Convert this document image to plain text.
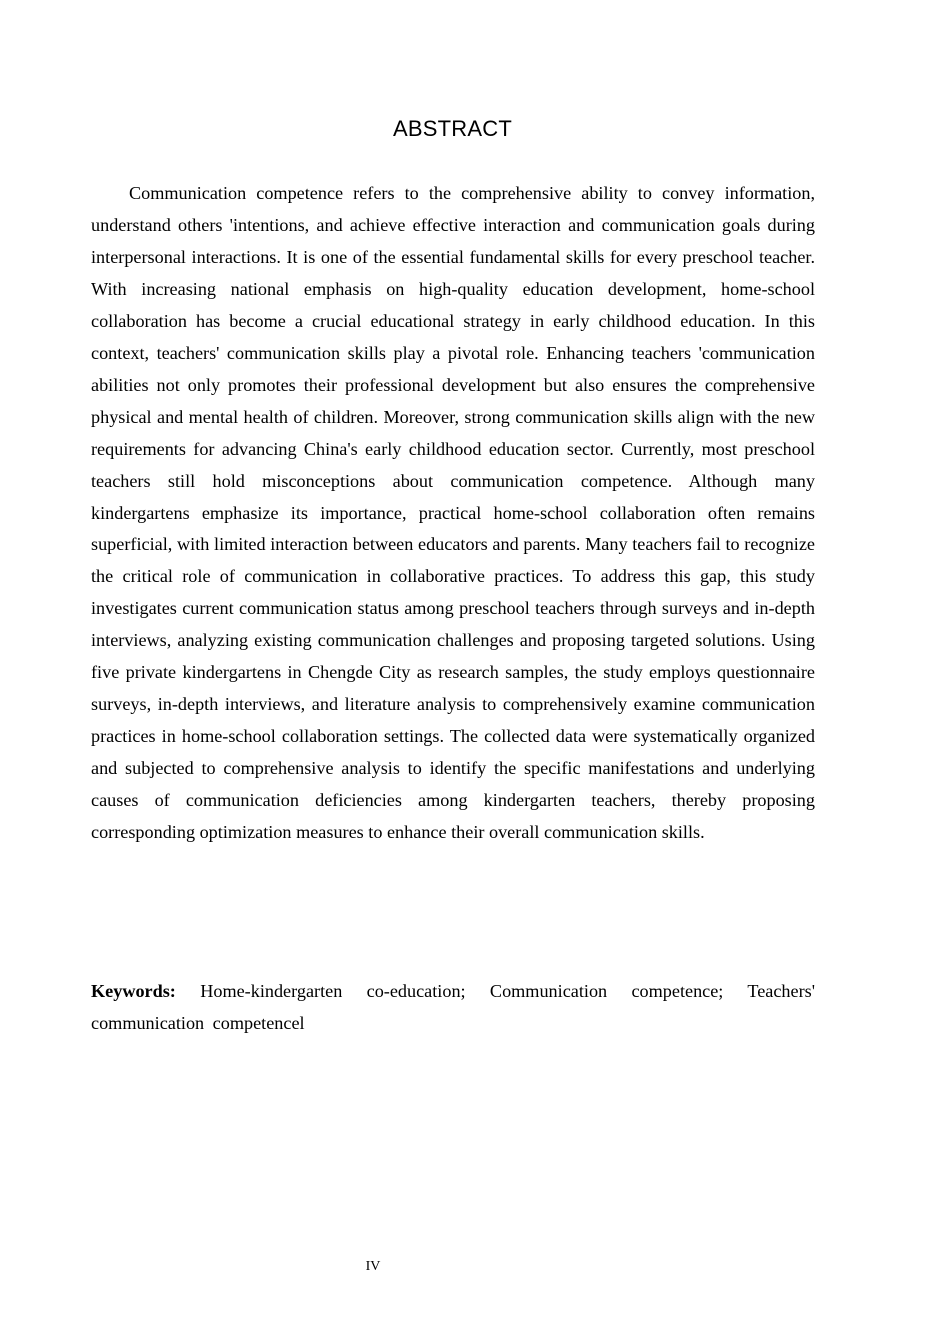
ABSTRACT

Communication competence refers to the comprehensive ability to convey information, understand others 'intentions, and achieve effective interaction and communication goals during interpersonal interactions. It is one of the essential fundamental skills for every preschool teacher. With increasing national emphasis on high-quality education development, home-school collaboration has become a crucial educational strategy in early childhood education. In this context, teachers' communication skills play a pivotal role. Enhancing teachers 'communication abilities not only promotes their professional development but also ensures the comprehensive physical and mental health of children. Moreover, strong communication skills align with the new requirements for advancing China's early childhood education sector. Currently, most preschool teachers still hold misconceptions about communication competence. Although many kindergartens emphasize its importance, practical home-school collaboration often remains superficial, with limited interaction between educators and parents. Many teachers fail to recognize the critical role of communication in collaborative practices. To address this gap, this study investigates current communication status among preschool teachers through surveys and in-depth interviews, analyzing existing communication challenges and proposing targeted solutions. Using five private kindergartens in Chengde City as research samples, the study employs questionnaire surveys, in-depth interviews, and literature analysis to comprehensively examine communication practices in home-school collaboration settings. The collected data were systematically organized and subjected to comprehensive analysis to identify the specific manifestations and underlying causes of communication deficiencies among kindergarten teachers, thereby proposing corresponding optimization measures to enhance their overall communication skills.

Keywords: Home-kindergarten co-education; Communication competence; Teachers' communication competencel

IV
